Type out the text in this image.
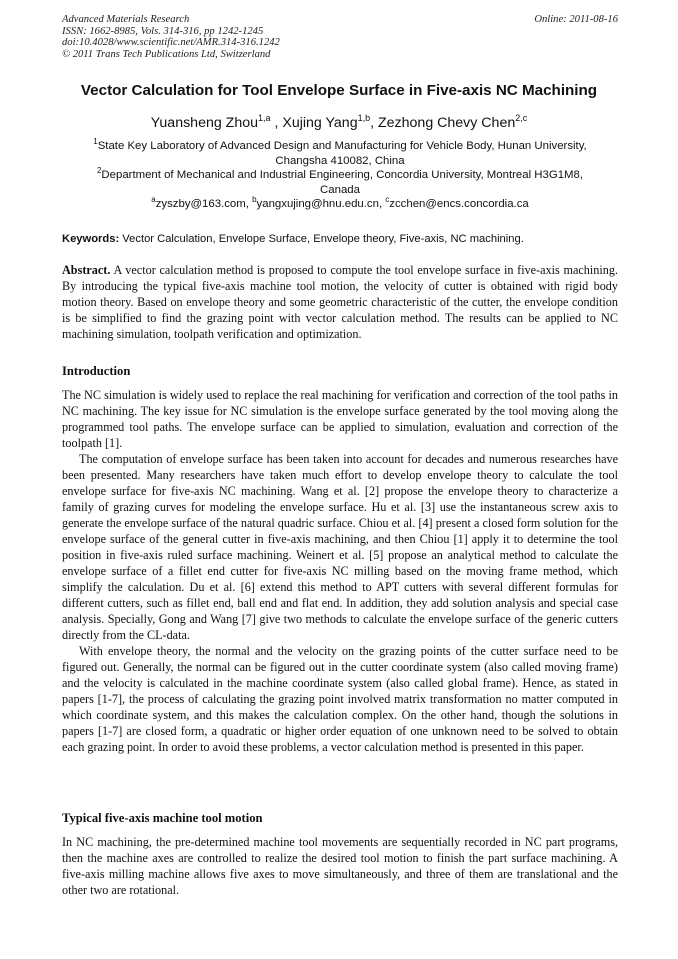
Advanced Materials Research
ISSN: 1662-8985, Vols. 314-316, pp 1242-1245
doi:10.4028/www.scientific.net/AMR.314-316.1242
© 2011 Trans Tech Publications Ltd, Switzerland
Online: 2011-08-16
Vector Calculation for Tool Envelope Surface in Five-axis NC Machining
Yuansheng Zhou$^{1,a}$ , Xujing Yang$^{1,b}$, Zezhong Chevy Chen$^{2,c}$
$^1$State Key Laboratory of Advanced Design and Manufacturing for Vehicle Body, Hunan University,
Changsha 410082, China
$^2$Department of Mechanical and Industrial Engineering, Concordia University, Montreal H3G1M8,
Canada
$^a$zyszby@163.com, $^b$yangxujing@hnu.edu.cn, $^c$zcchen@encs.concordia.ca
Keywords: Vector Calculation, Envelope Surface, Envelope theory, Five-axis, NC machining.

Abstract. A vector calculation method is proposed to compute the tool envelope surface in five-axis machining. By introducing the typical five-axis machine tool motion, the velocity of cutter is obtained with rigid body motion theory. Based on envelope theory and some geometric characteristic of the cutter, the envelope condition is be simplified to find the grazing point with vector calculation method. The results can be applied to NC machining simulation, toolpath verification and optimization.

Introduction

The NC simulation is widely used to replace the real machining for verification and correction of the tool paths in NC machining. The key issue for NC simulation is the envelope surface generated by the tool moving along the programmed tool paths. The envelope surface can be applied to simulation, evaluation and correction of the toolpath [1].

The computation of envelope surface has been taken into account for decades and numerous researches have been presented. Many researchers have taken much effort to develop envelope theory to calculate the tool envelope surface for five-axis NC machining. Wang et al. [2] propose the envelope theory to characterize a family of grazing curves for modeling the envelope surface. Hu et al. [3] use the instantaneous screw axis to generate the envelope surface of the natural quadric surface. Chiou et al. [4] present a closed form solution for the envelope surface of the general cutter in five-axis machining, and then Chiou [1] apply it to determine the tool position in five-axis ruled surface machining. Weinert et al. [5] propose an analytical method to calculate the envelope surface of a fillet end cutter for five-axis NC milling based on the moving frame method, which simplify the calculation. Du et al. [6] extend this method to APT cutters with several different formulas for different cutters, such as fillet end, ball end and flat end. In addition, they add solution analysis and special case analysis. Specially, Gong and Wang [7] give two methods to calculate the envelope surface of the generic cutters directly from the CL-data.

With envelope theory, the normal and the velocity on the grazing points of the cutter surface need to be figured out. Generally, the normal can be figured out in the cutter coordinate system (also called moving frame) and the velocity is calculated in the machine coordinate system (also called global frame). Hence, as stated in papers [1-7], the process of calculating the grazing point involved matrix transformation no matter computed in which coordinate system, and this makes the calculation complex. On the other hand, though the solutions in papers [1-7] are closed form, a quadratic or higher order equation of one unknown need to be solved to obtain each grazing point. In order to avoid these problems, a vector calculation method is presented in this paper.

Typical five-axis machine tool motion

In NC machining, the pre-determined machine tool movements are sequentially recorded in NC part programs, then the machine axes are controlled to realize the desired tool motion to finish the part surface machining. A five-axis milling machine allows five axes to move simultaneously, and three of them are translational and the other two are rotational.
